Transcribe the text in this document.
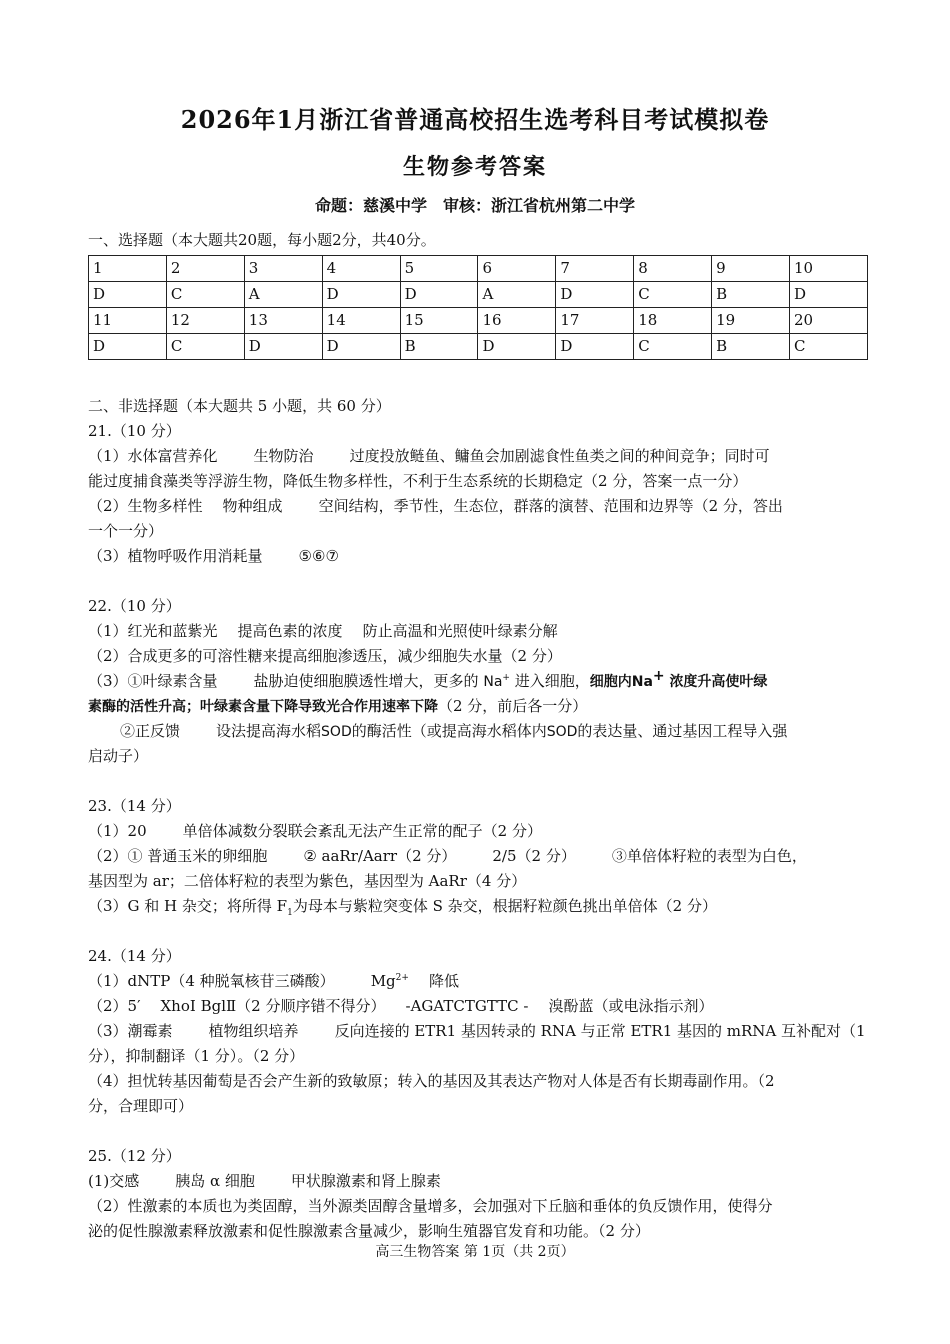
2026年1月浙江省普通高校招生选考科目考试模拟卷
生物参考答案
命题：慈溪中学　审核：浙江省杭州第二中学
一、选择题（本大题共20题，每小题2分，共40分。
1	2	3	4	5	6	7	8	9	10
D	C	A	D	D	A	D	C	B	D
11	12	13	14	15	16	17	18	19	20
D	C	D	D	B	D	D	C	B	C
二、非选择题（本大题共 5 小题，共 60 分）
21.（10 分）
（1）水体富营养化 生物防治 过度投放鲢鱼、鳙鱼会加剧滤食性鱼类之间的种间竞争；同时可
能过度捕食藻类等浮游生物，降低生物多样性，不利于生态系统的长期稳定（2 分，答案一点一分）
（2）生物多样性 物种组成 空间结构，季节性，生态位，群落的演替、范围和边界等（2 分，答出
一个一分）
（3）植物呼吸作用消耗量 ⑤⑥⑦
22.（10 分）
（1）红光和蓝紫光 提高色素的浓度 防止高温和光照使叶绿素分解
（2）合成更多的可溶性糖来提高细胞渗透压，减少细胞失水量（2 分）
（3）①叶绿素含量 盐胁迫使细胞膜透性增大，更多的 Na+ 进入细胞，细胞内Na+ 浓度升高使叶绿
素酶的活性升高；叶绿素含量下降导致光合作用速率下降（2 分，前后各一分）
②正反馈 设法提高海水稻SOD的酶活性（或提高海水稻体内SOD的表达量、通过基因工程导入强
启动子）
23.（14 分）
（1）20 单倍体减数分裂联会紊乱无法产生正常的配子（2 分）
（2）① 普通玉米的卵细胞 ② aaRr/Aarr（2 分） 2/5（2 分） ③单倍体籽粒的表型为白色，
基因型为 ar；二倍体籽粒的表型为紫色，基因型为 AaRr（4 分）
（3）G 和 H 杂交；将所得 $F_1$为母本与紫粒突变体 S 杂交，根据籽粒颜色挑出单倍体（2 分）
24.（14 分）
（1）dNTP（4 种脱氧核苷三磷酸） $Mg^{2+}$ 降低
（2）5′ XhoI BglⅡ（2 分顺序错不得分） -AGATCTGTTC - 溴酚蓝（或电泳指示剂）
（3）潮霉素 植物组织培养 反向连接的 ETR1 基因转录的 RNA 与正常 ETR1 基因的 mRNA 互补配对（1
分），抑制翻译（1 分）。（2 分）
（4）担忧转基因葡萄是否会产生新的致敏原；转入的基因及其表达产物对人体是否有长期毒副作用。（2
分，合理即可）
25.（12 分）
(1)交感 胰岛 α 细胞 甲状腺激素和肾上腺素
（2）性激素的本质也为类固醇，当外源类固醇含量增多，会加强对下丘脑和垂体的负反馈作用，使得分
泌的促性腺激素释放激素和促性腺激素含量减少，影响生殖器官发育和功能。（2 分）
高三生物答案 第 1页（共 2页）
